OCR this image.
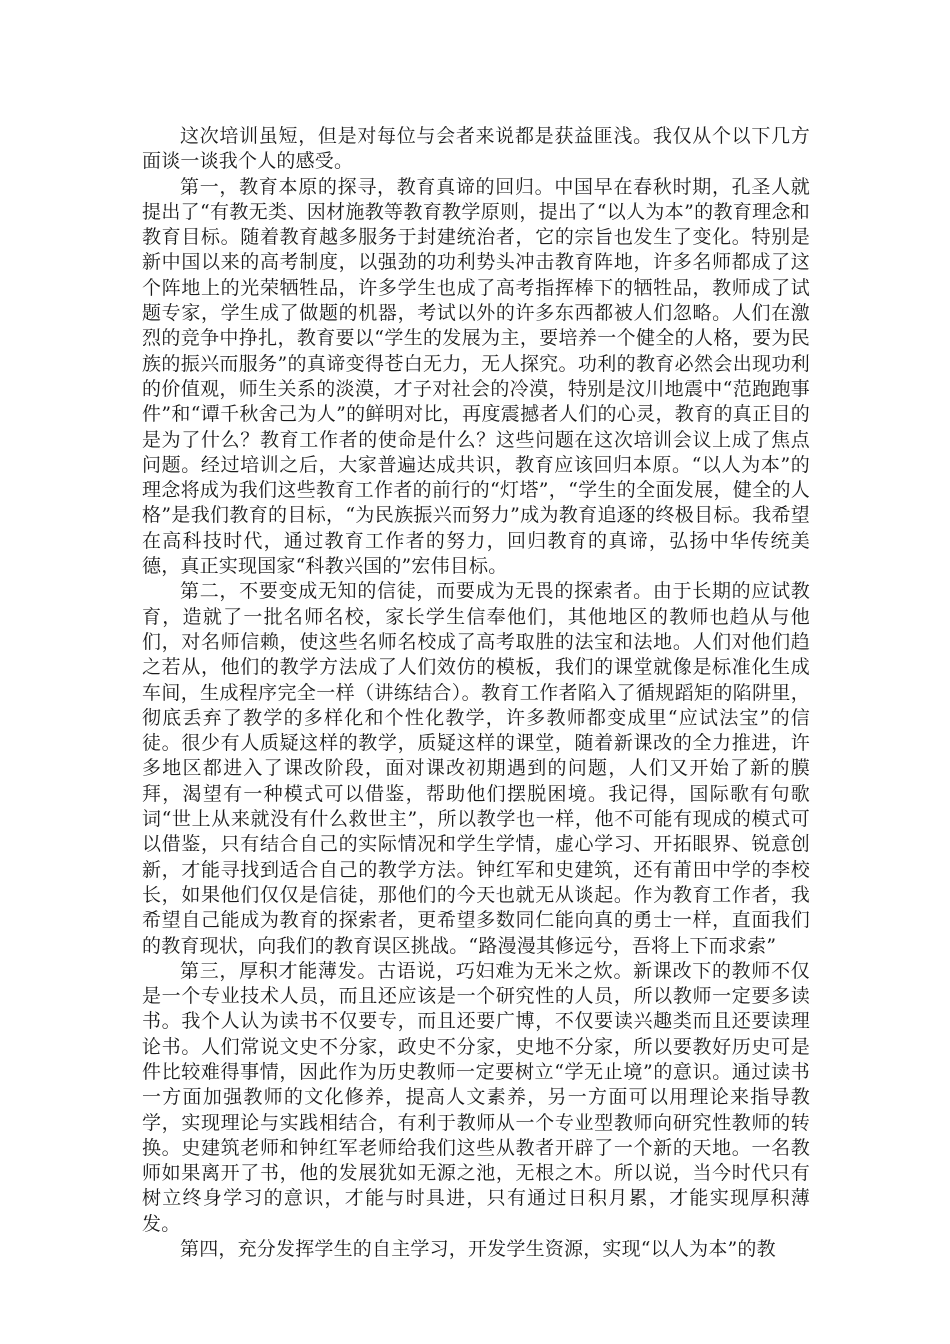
这次培训虽短，但是对每位与会者来说都是获益匪浅。我仅从个以下几方面谈一谈我个人的感受。

第一，教育本原的探寻，教育真谛的回归。中国早在春秋时期，孔圣人就提出了“有教无类、因材施教等教育教学原则，提出了“以人为本”的教育理念和教育目标。随着教育越多服务于封建统治者，它的宗旨也发生了变化。特别是新中国以来的高考制度，以强劲的功利势头冲击教育阵地，许多名师都成了这个阵地上的光荣牺牲品，许多学生也成了高考指挥棒下的牺牲品，教师成了试题专家，学生成了做题的机器，考试以外的许多东西都被人们忽略。人们在激烈的竞争中挣扎，教育要以“学生的发展为主，要培养一个健全的人格，要为民族的振兴而服务”的真谛变得苍白无力，无人探究。功利的教育必然会出现功利的价值观，师生关系的淡漠，才子对社会的冷漠，特别是汶川地震中“范跑跑事件”和“谭千秋舍己为人”的鲜明对比，再度震撼者人们的心灵，教育的真正目的是为了什么？教育工作者的使命是什么？这些问题在这次培训会议上成了焦点问题。经过培训之后，大家普遍达成共识，教育应该回归本原。“以人为本”的理念将成为我们这些教育工作者的前行的“灯塔”，“学生的全面发展，健全的人格”是我们教育的目标，“为民族振兴而努力”成为教育追逐的终极目标。我希望在高科技时代，通过教育工作者的努力，回归教育的真谛，弘扬中华传统美德，真正实现国家“科教兴国的”宏伟目标。

第二，不要变成无知的信徒，而要成为无畏的探索者。由于长期的应试教育，造就了一批名师名校，家长学生信奉他们，其他地区的教师也趋从与他们，对名师信赖，使这些名师名校成了高考取胜的法宝和法地。人们对他们趋之若从，他们的教学方法成了人们效仿的模板，我们的课堂就像是标准化生成车间，生成程序完全一样（讲练结合）。教育工作者陷入了循规蹈矩的陷阱里，彻底丢弃了教学的多样化和个性化教学，许多教师都变成里“应试法宝”的信徒。很少有人质疑这样的教学，质疑这样的课堂，随着新课改的全力推进，许多地区都进入了课改阶段，面对课改初期遇到的问题，人们又开始了新的膜拜，渴望有一种模式可以借鉴，帮助他们摆脱困境。我记得，国际歌有句歌词“世上从来就没有什么救世主”，所以教学也一样，他不可能有现成的模式可以借鉴，只有结合自己的实际情况和学生学情，虚心学习、开拓眼界、锐意创新，才能寻找到适合自己的教学方法。钟红军和史建筑，还有莆田中学的李校长，如果他们仅仅是信徒，那他们的今天也就无从谈起。作为教育工作者，我希望自己能成为教育的探索者，更希望多数同仁能向真的勇士一样，直面我们的教育现状，向我们的教育误区挑战。“路漫漫其修远兮，吾将上下而求索”

第三，厚积才能薄发。古语说，巧妇难为无米之炊。新课改下的教师不仅是一个专业技术人员，而且还应该是一个研究性的人员，所以教师一定要多读书。我个人认为读书不仅要专，而且还要广博，不仅要读兴趣类而且还要读理论书。人们常说文史不分家，政史不分家，史地不分家，所以要教好历史可是件比较难得事情，因此作为历史教师一定要树立“学无止境”的意识。通过读书一方面加强教师的文化修养，提高人文素养，另一方面可以用理论来指导教学，实现理论与实践相结合，有利于教师从一个专业型教师向研究性教师的转换。史建筑老师和钟红军老师给我们这些从教者开辟了一个新的天地。一名教师如果离开了书，他的发展犹如无源之池，无根之木。所以说，当今时代只有树立终身学习的意识，才能与时具进，只有通过日积月累，才能实现厚积薄发。

第四，充分发挥学生的自主学习，开发学生资源，实现“以人为本”的教
